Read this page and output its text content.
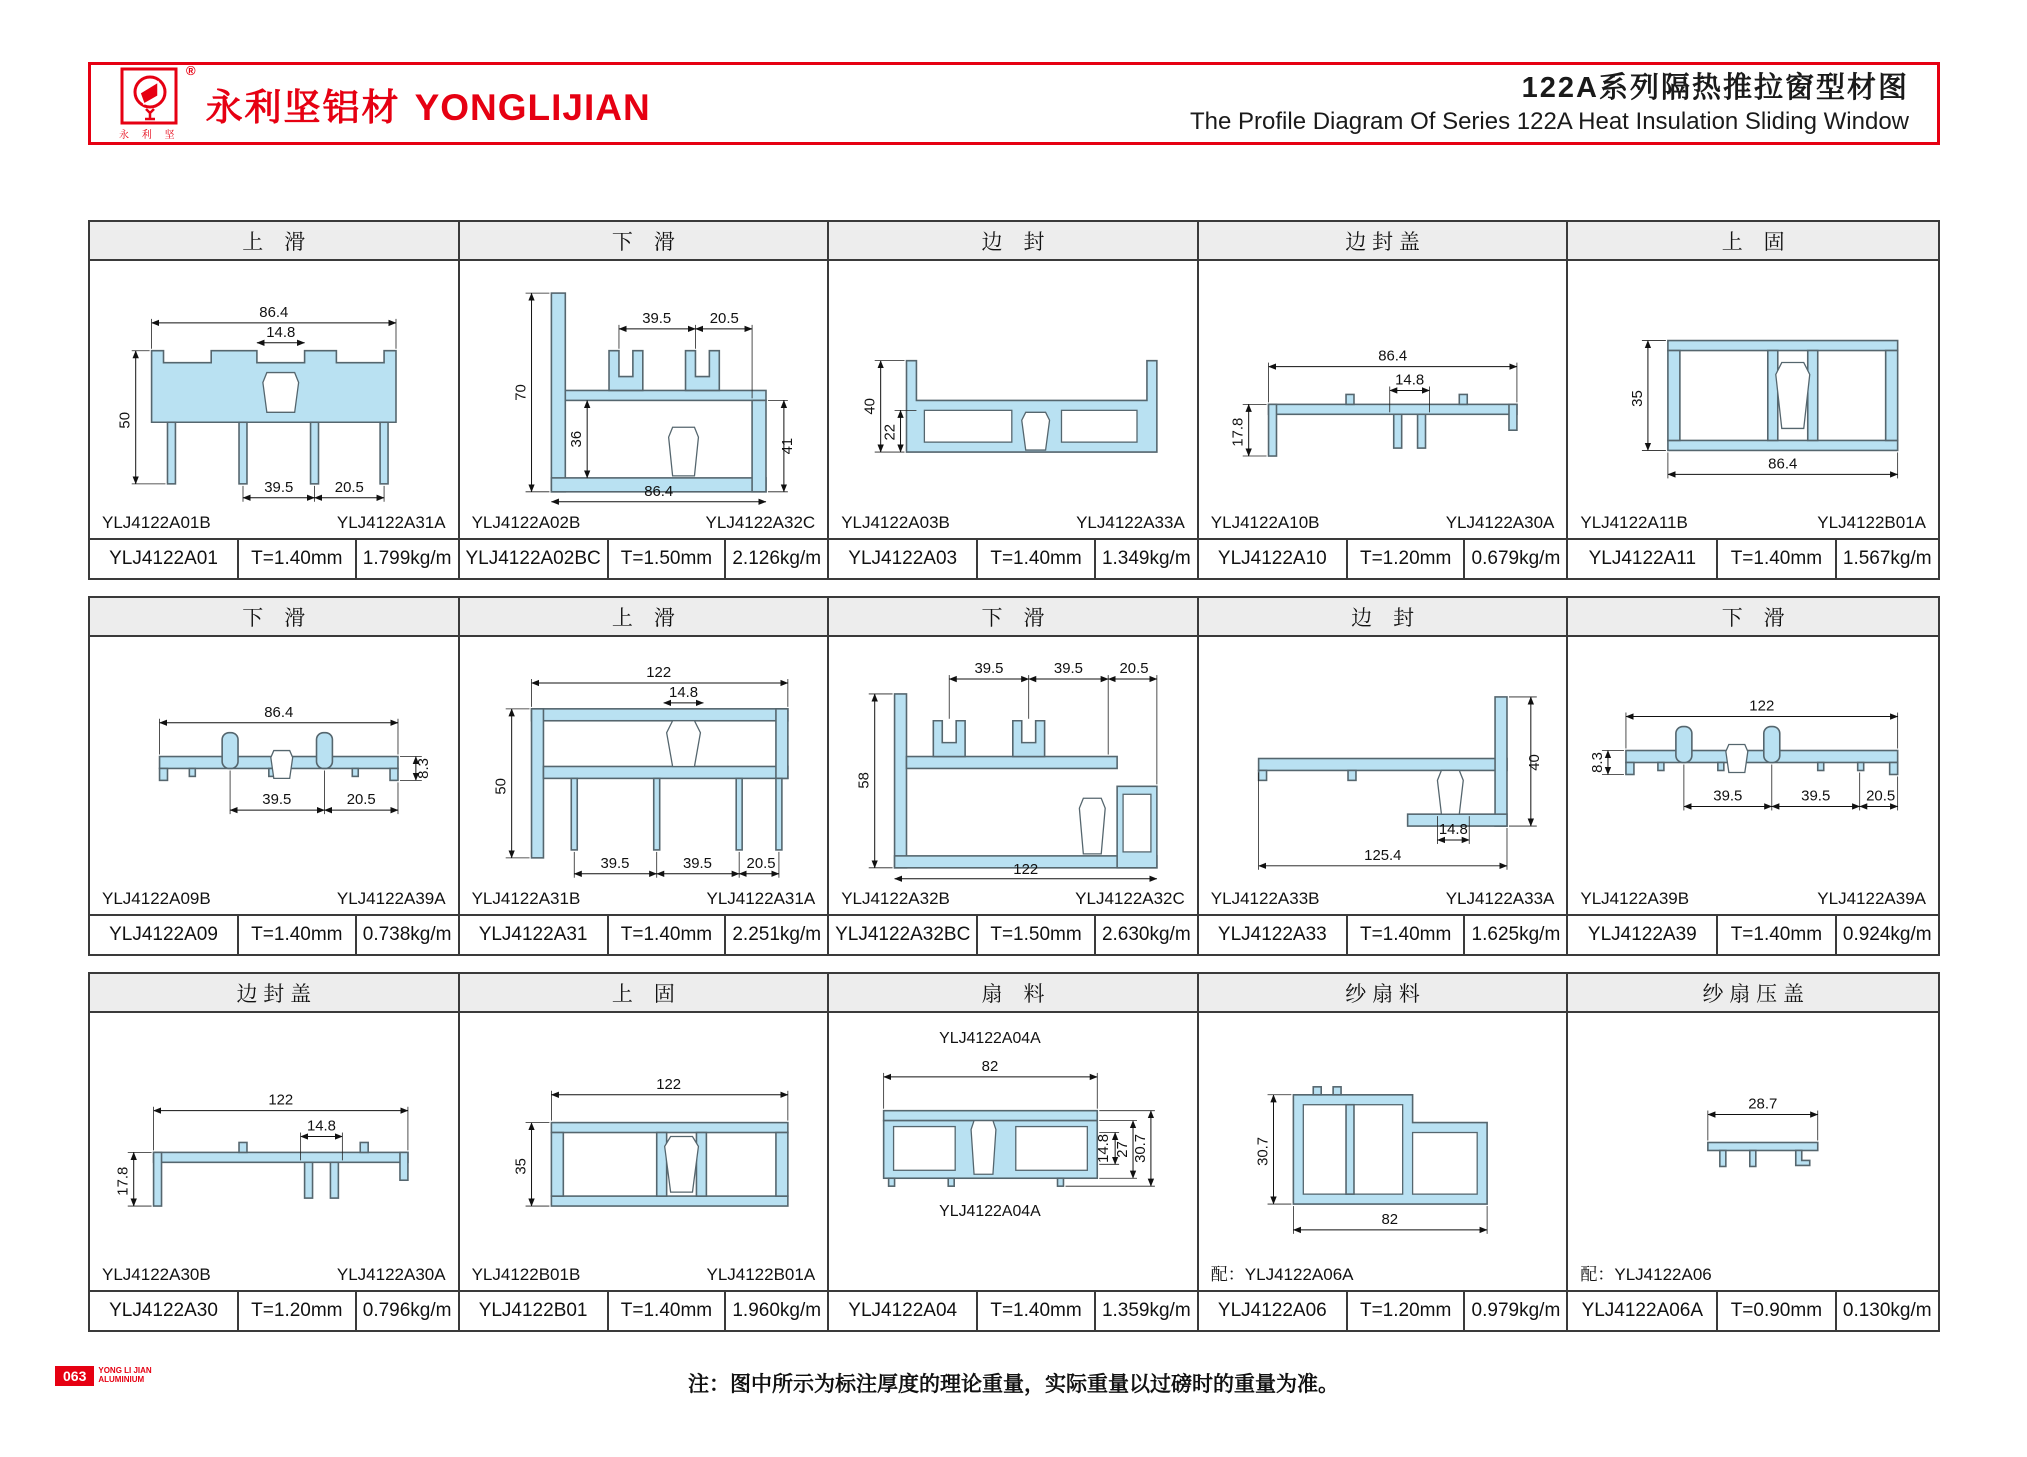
®
永 利 坚
永利坚铝材 YONGLIJIAN	122A系列隔热推拉窗型材图
The Profile Diagram Of Series 122A Heat Insulation Sliding Window
上　滑
86.4
14.8
50
39.5	20.5
YLJ4122A01B	YLJ4122A31A
YLJ4122A01	T=1.40mm	1.799kg/m
下　滑
39.5	20.5
70
36	41
86.4
YLJ4122A02B	YLJ4122A32C
YLJ4122A02BC	T=1.50mm	2.126kg/m
边　封
40
22
YLJ4122A03B	YLJ4122A33A
YLJ4122A03	T=1.40mm	1.349kg/m
边 封 盖
86.4
14.8
17.8
YLJ4122A10B	YLJ4122A30A
YLJ4122A10	T=1.20mm	0.679kg/m
上　固
35
86.4
YLJ4122A11B	YLJ4122B01A
YLJ4122A11	T=1.40mm	1.567kg/m
下　滑
86.4
8.3
39.5	20.5
YLJ4122A09B	YLJ4122A39A
YLJ4122A09	T=1.40mm	0.738kg/m
上　滑
122
14.8
50
39.5	39.5 20.5
YLJ4122A31B	YLJ4122A31A
YLJ4122A31	T=1.40mm	2.251kg/m
下　滑
39.5	39.5 20.5
58
122
YLJ4122A32B	YLJ4122A32C
YLJ4122A32BC	T=1.50mm	2.630kg/m
边　封
40
14.8
125.4
YLJ4122A33B	YLJ4122A33A
YLJ4122A33	T=1.40mm	1.625kg/m
下　滑
122
8.3
39.5	39.5 20.5
YLJ4122A39B	YLJ4122A39A
YLJ4122A39	T=1.40mm	0.924kg/m
边 封 盖
122
14.8
17.8
YLJ4122A30B	YLJ4122A30A
YLJ4122A30	T=1.20mm	0.796kg/m
上　固
122
35
YLJ4122B01B	YLJ4122B01A
YLJ4122B01	T=1.40mm	1.960kg/m
扇　料
YLJ4122A04A
82
14.8 27 30.7
YLJ4122A04A
YLJ4122A04	T=1.40mm	1.359kg/m
纱 扇 料
30.7
82
配：YLJ4122A06A
YLJ4122A06	T=1.20mm	0.979kg/m
纱 扇 压 盖
28.7
配：YLJ4122A06
YLJ4122A06A	T=0.90mm	0.130kg/m
063	YONG LI JIAN
ALUMINIUM	注：图中所示为标注厚度的理论重量，实际重量以过磅时的重量为准。
